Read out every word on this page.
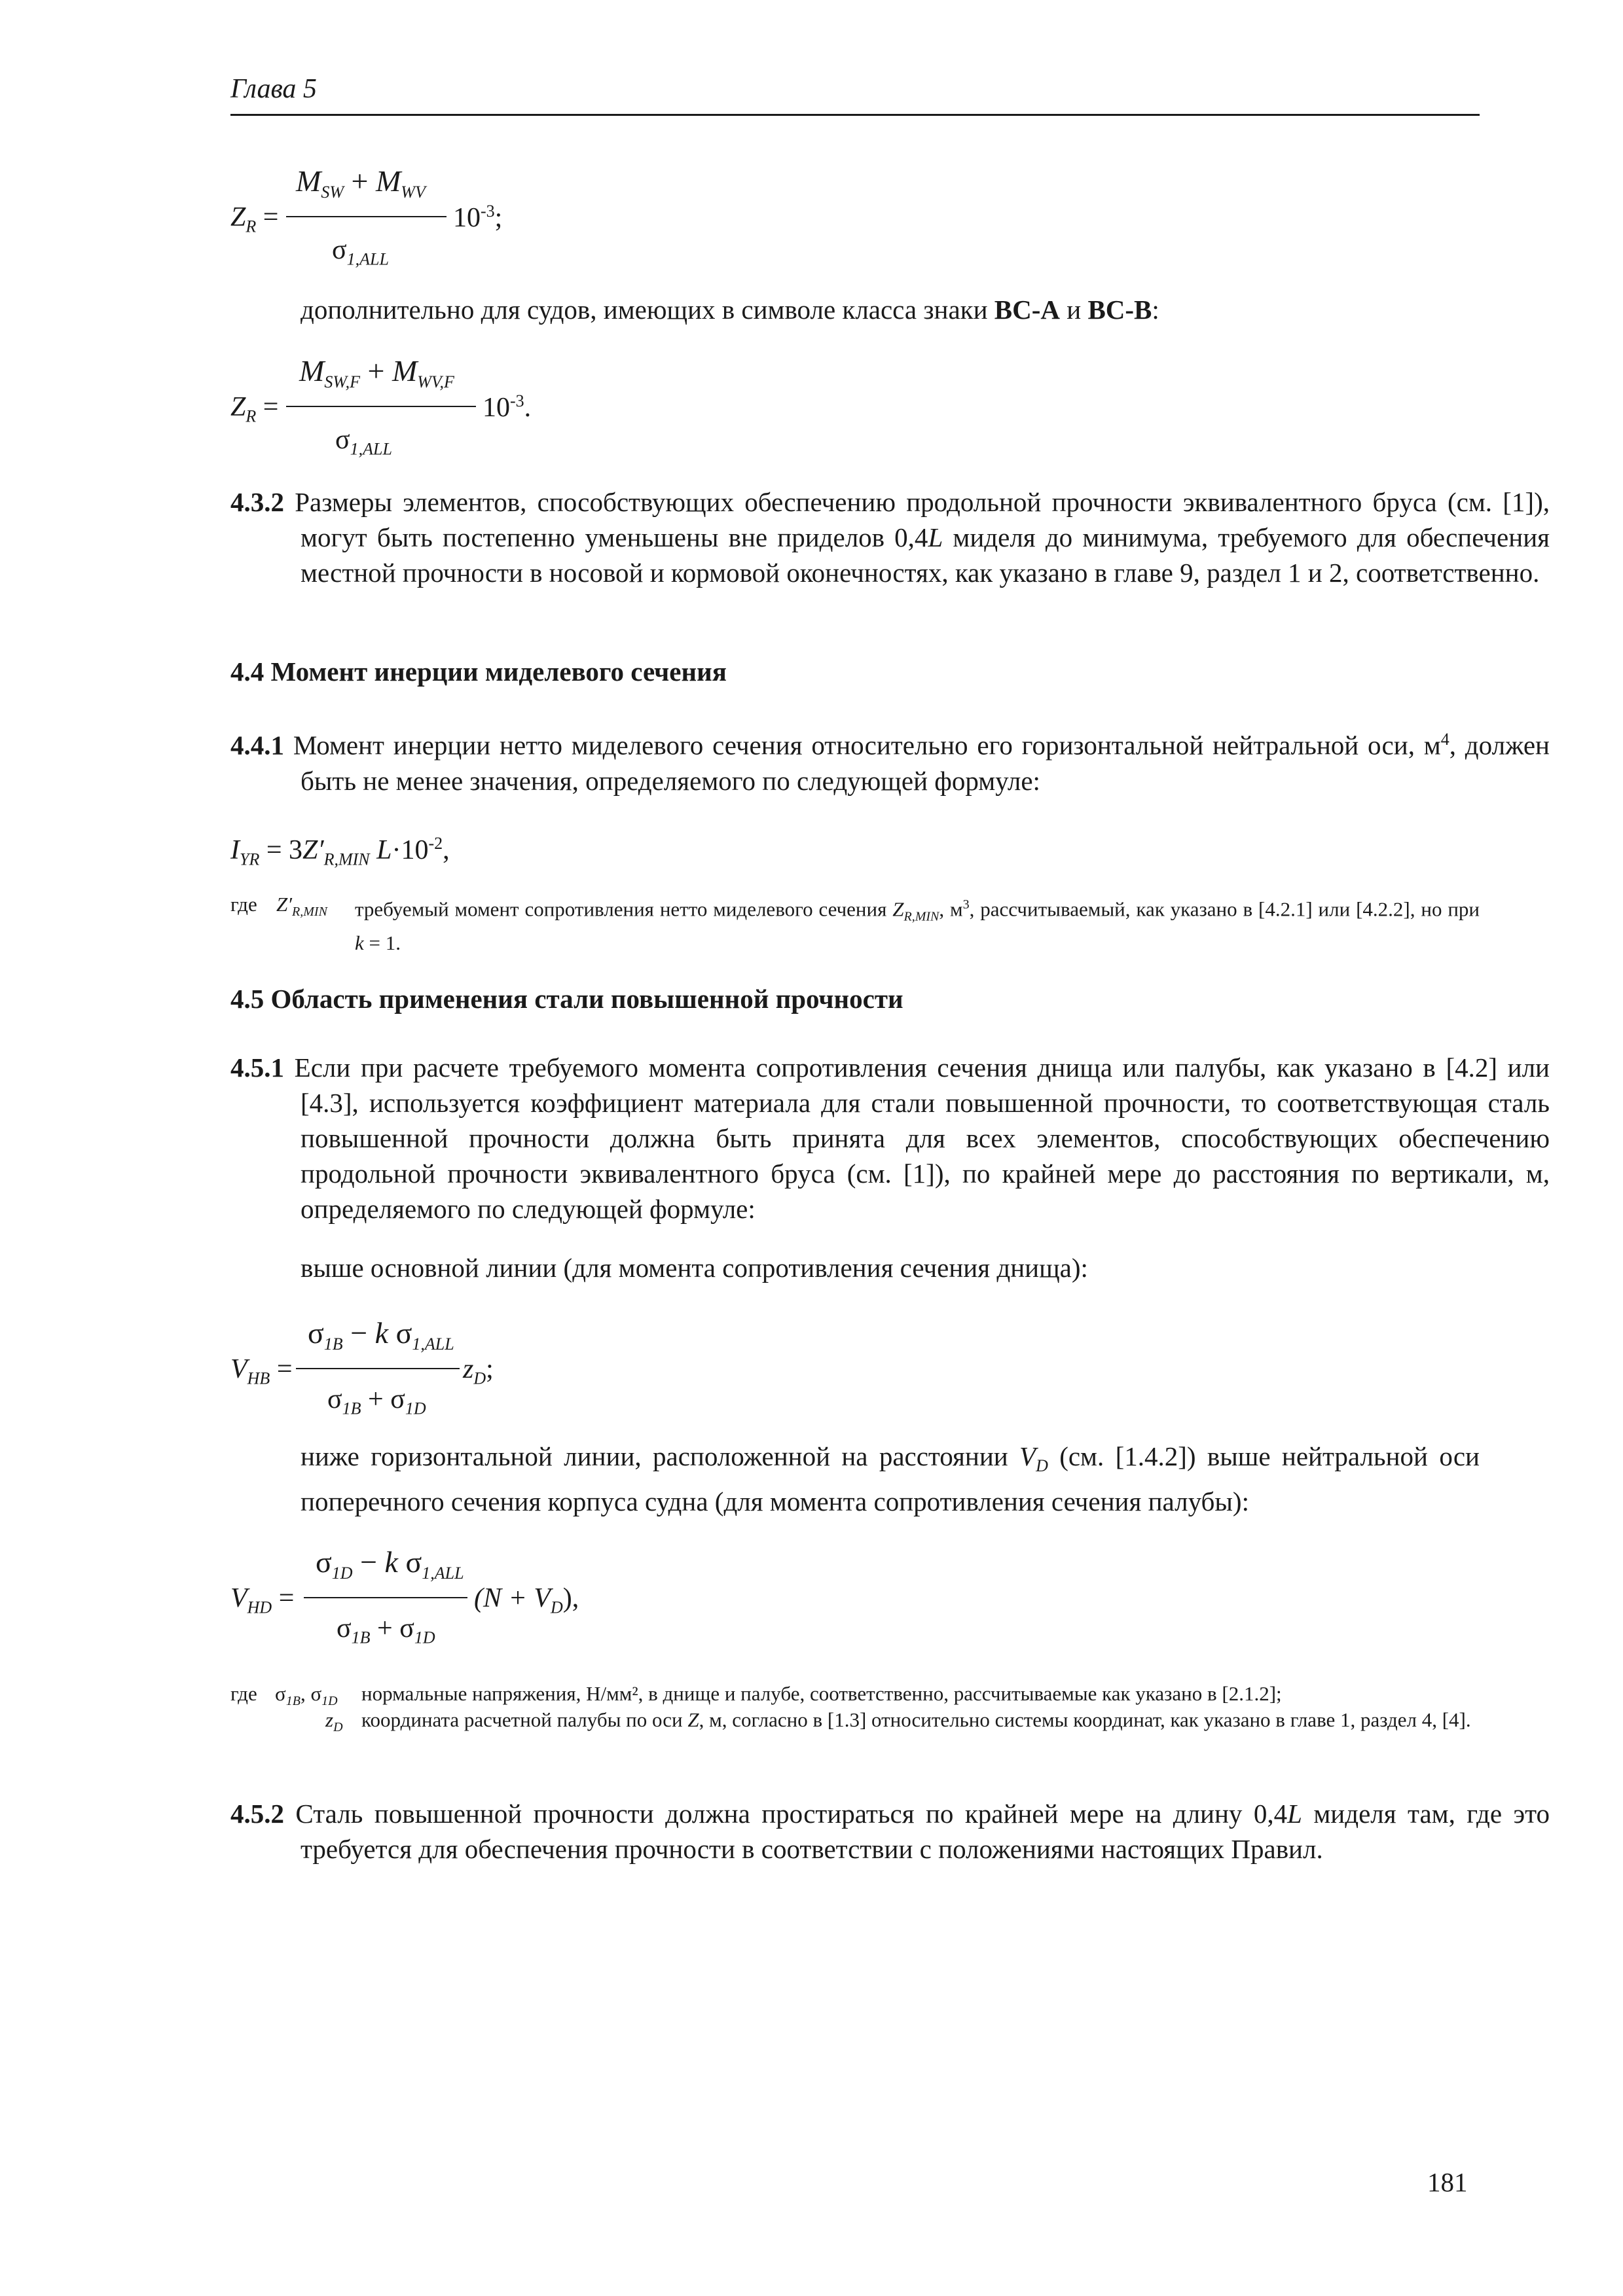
Глава 5
$Z_R$ =
$M_{SW} + M_{WV}$
$\sigma_{1,ALL}$
$10^{-3}$;
дополнительно для судов, имеющих в символе класса знаки BC-A и BC-B:
$Z_R$ =
$M_{SW,F} + M_{WV,F}$
$\sigma_{1,ALL}$
$10^{-3}$.
4.3.2 Размеры элементов, способствующих обеспечению продольной прочности эквивалентного бруса (см. [1]), могут быть постепенно уменьшены вне приделов 0,4L миделя до минимума, требуемого для обеспечения местной прочности в носовой и кормовой оконечностях, как указано в главе 9, раздел 1 и 2, соответственно.
4.4 Момент инерции миделевого сечения
4.4.1 Момент инерции нетто миделевого сечения относительно его горизонтальной нейтральной оси, $м^4$, должен быть не менее значения, определяемого по следующей формуле:
$I_{YR} = 3Z'_{R,MIN}$ $L\cdot 10^{-2}$,
где $Z'_{R,MIN}$ требуемый момент сопротивления нетто миделевого сечения $Z_{R,MIN}$, $м^3$, рассчитываемый, как указано в [4.2.1] или [4.2.2], но при k = 1.
4.5 Область применения стали повышенной прочности
4.5.1 Если при расчете требуемого момента сопротивления сечения днища или палубы, как указано в [4.2] или [4.3], используется коэффициент материала для стали повышенной прочности, то соответствующая сталь повышенной прочности должна быть принята для всех элементов, способствующих обеспечению продольной прочности эквивалентного бруса (см. [1]), по крайней мере до расстояния по вертикали, м, определяемого по следующей формуле:
выше основной линии (для момента сопротивления сечения днища):
$V_{HB}$ =
$\sigma_{1B} - k$ $\sigma_{1,ALL}$
$\sigma_{1B} + \sigma_{1D}$
$z_D$;
ниже горизонтальной линии, расположенной на расстоянии $V_D$ (см. [1.4.2]) выше нейтральной оси поперечного сечения корпуса судна (для момента сопротивления сечения палубы):
$V_{HD}$ =
$\sigma_{1D} - k$ $\sigma_{1,ALL}$
$\sigma_{1B} + \sigma_{1D}$
$(N + V_D)$,
где $\sigma_{1B}$, $\sigma_{1D}$ нормальные напряжения, Н/мм², в днище и палубе, соответственно, рассчитываемые как указано в [2.1.2];
$z_D$ координата расчетной палубы по оси Z, м, согласно в [1.3] относительно системы координат, как указано в главе 1, раздел 4, [4].
4.5.2 Сталь повышенной прочности должна простираться по крайней мере на длину 0,4L миделя там, где это требуется для обеспечения прочности в соответствии с положениями настоящих Правил.
181
